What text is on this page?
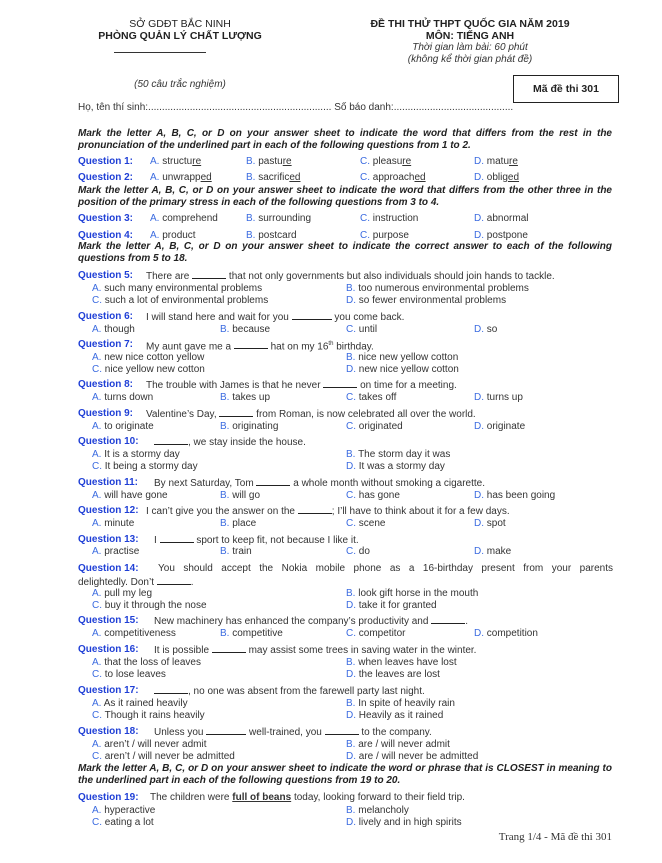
SỞ GDĐT BẮC NINH
PHÒNG QUẢN LÝ CHẤT LƯỢNG
(50 câu trắc nghiệm)
ĐỀ THI THỬ THPT QUỐC GIA NĂM 2019
MÔN: TIẾNG ANH
Thời gian làm bài: 60 phút
(không kể thời gian phát đề)
Mã đề thi 301
Họ, tên thí sinh:.................................................................. Số báo danh:...........................................
Mark the letter A, B, C, or D on your answer sheet to indicate the word that differs from the rest in the pronunciation of the underlined part in each of the following questions from 1 to 2.
Question 1: A. structure	B. pasture	C. pleasure	D. mature
Question 2: A. unwrapped	B. sacrificed	C. approached	D. obliged
Mark the letter A, B, C, or D on your answer sheet to indicate the word that differs from the other three in the position of the primary stress in each of the following questions from 3 to 4.
Question 3: A. comprehend	B. surrounding	C. instruction	D. abnormal
Question 4: A. product	B. postcard	C. purpose	D. postpone
Mark the letter A, B, C, or D on your answer sheet to indicate the correct answer to each of the following questions from 5 to 18.
Question 5: There are	that not only governments but also individuals should join hands to tackle.
A. such many environmental problems	B. too numerous environmental problems
C. such a lot of environmental problems	D. so fewer environmental problems
Question 6: I will stand here and wait for you	you come back.
A. though	B. because	C. until	D. so
Question 7: My aunt gave me a	hat on my 16th birthday.
A. new nice cotton yellow	B. nice new yellow cotton
C. nice yellow new cotton	D. new nice yellow cotton
Question 8: The trouble with James is that he never	on time for a meeting.
A. turns down	B. takes up	C. takes off	D. turns up
Question 9: Valentine’s Day,	from Roman, is now celebrated all over the world.
A. to originate	B. originating	C. originated	D. originate
Question 10:	, we stay inside the house.
A. It is a stormy day	B. The storm day it was
C. It being a stormy day	D. It was a stormy day
Question 11: By next Saturday, Tom	a whole month without smoking a cigarette.
A. will have gone	B. will go	C. has gone	D. has been going
Question 12: I can’t give you the answer on the	; I’ll have to think about it for a few days.
A. minute	B. place	C. scene	D. spot
Question 13: I	sport to keep fit, not because I like it.
A. practise	B. train	C. do	D. make
Question 14: You should accept the Nokia mobile phone as a 16-birthday present from your parents
delightedly. Don’t	.
A. pull my leg	B. look gift horse in the mouth
C. buy it through the nose	D. take it for granted
Question 15: New machinery has enhanced the company’s productivity and	.
A. competitiveness	B. competitive	C. competitor	D. competition
Question 16: It is possible	may assist some trees in saving water in the winter.
A. that the loss of leaves	B. when leaves have lost
C. to lose leaves	D. the leaves are lost
Question 17:	, no one was absent from the farewell party last night.
A. As it rained heavily	B. In spite of heavily rain
C. Though it rains heavily	D. Heavily as it rained
Question 18: Unless you	well-trained, you	to the company.
A. aren’t / will never admit	B. are / will never admit
C. aren’t / will never be admitted	D. are / will never be admitted
Mark the letter A, B, C, or D on your answer sheet to indicate the word or phrase that is CLOSEST in meaning to the underlined part in each of the following questions from 19 to 20.
Question 19: The children were full of beans today, looking forward to their field trip.
A. hyperactive	B. melancholy
C. eating a lot	D. lively and in high spirits
Trang 1/4 - Mã đề thi 301
